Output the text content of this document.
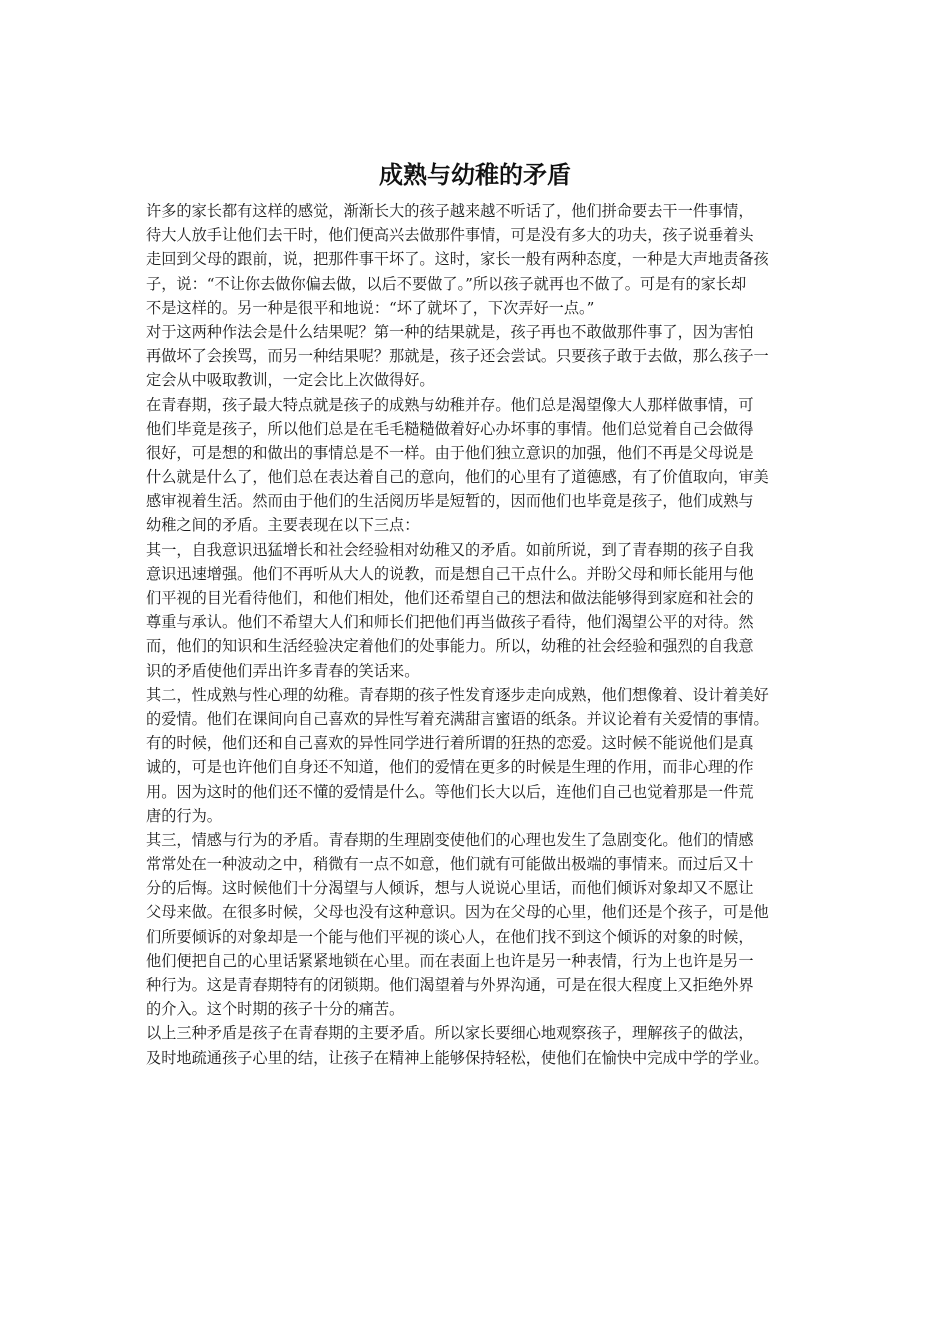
成熟与幼稚的矛盾
许多的家长都有这样的感觉，渐渐长大的孩子越来越不听话了，他们拼命要去干一件事情，
待大人放手让他们去干时，他们便高兴去做那件事情，可是没有多大的功夫，孩子说垂着头
走回到父母的跟前，说，把那件事干坏了。这时，家长一般有两种态度，一种是大声地责备孩
子，说：“不让你去做你偏去做，以后不要做了。”所以孩子就再也不做了。可是有的家长却
不是这样的。另一种是很平和地说：“坏了就坏了，下次弄好一点。”
对于这两种作法会是什么结果呢？第一种的结果就是，孩子再也不敢做那件事了，因为害怕
再做坏了会挨骂，而另一种结果呢？那就是，孩子还会尝试。只要孩子敢于去做，那么孩子一
定会从中吸取教训，一定会比上次做得好。
在青春期，孩子最大特点就是孩子的成熟与幼稚并存。他们总是渴望像大人那样做事情，可
他们毕竟是孩子，所以他们总是在毛毛糙糙做着好心办坏事的事情。他们总觉着自己会做得
很好，可是想的和做出的事情总是不一样。由于他们独立意识的加强，他们不再是父母说是
什么就是什么了，他们总在表达着自己的意向，他们的心里有了道德感，有了价值取向，审美
感审视着生活。然而由于他们的生活阅历毕是短暂的，因而他们也毕竟是孩子，他们成熟与
幼稚之间的矛盾。主要表现在以下三点：
其一，自我意识迅猛增长和社会经验相对幼稚又的矛盾。如前所说，到了青春期的孩子自我
意识迅速增强。他们不再听从大人的说教，而是想自己干点什么。并盼父母和师长能用与他
们平视的目光看待他们，和他们相处，他们还希望自己的想法和做法能够得到家庭和社会的
尊重与承认。他们不希望大人们和师长们把他们再当做孩子看待，他们渴望公平的对待。然
而，他们的知识和生活经验决定着他们的处事能力。所以，幼稚的社会经验和强烈的自我意
识的矛盾使他们弄出许多青春的笑话来。
其二，性成熟与性心理的幼稚。青春期的孩子性发育逐步走向成熟，他们想像着、设计着美好
的爱情。他们在课间向自己喜欢的异性写着充满甜言蜜语的纸条。并议论着有关爱情的事情。
有的时候，他们还和自己喜欢的异性同学进行着所谓的狂热的恋爱。这时候不能说他们是真
诚的，可是也许他们自身还不知道，他们的爱情在更多的时候是生理的作用，而非心理的作
用。因为这时的他们还不懂的爱情是什么。等他们长大以后，连他们自己也觉着那是一件荒
唐的行为。
其三，情感与行为的矛盾。青春期的生理剧变使他们的心理也发生了急剧变化。他们的情感
常常处在一种波动之中，稍微有一点不如意，他们就有可能做出极端的事情来。而过后又十
分的后悔。这时候他们十分渴望与人倾诉，想与人说说心里话，而他们倾诉对象却又不愿让
父母来做。在很多时候，父母也没有这种意识。因为在父母的心里，他们还是个孩子，可是他
们所要倾诉的对象却是一个能与他们平视的谈心人，在他们找不到这个倾诉的对象的时候，
他们便把自己的心里话紧紧地锁在心里。而在表面上也许是另一种表情，行为上也许是另一
种行为。这是青春期特有的闭锁期。他们渴望着与外界沟通，可是在很大程度上又拒绝外界
的介入。这个时期的孩子十分的痛苦。
以上三种矛盾是孩子在青春期的主要矛盾。所以家长要细心地观察孩子，理解孩子的做法，
及时地疏通孩子心里的结，让孩子在精神上能够保持轻松，使他们在愉快中完成中学的学业。
